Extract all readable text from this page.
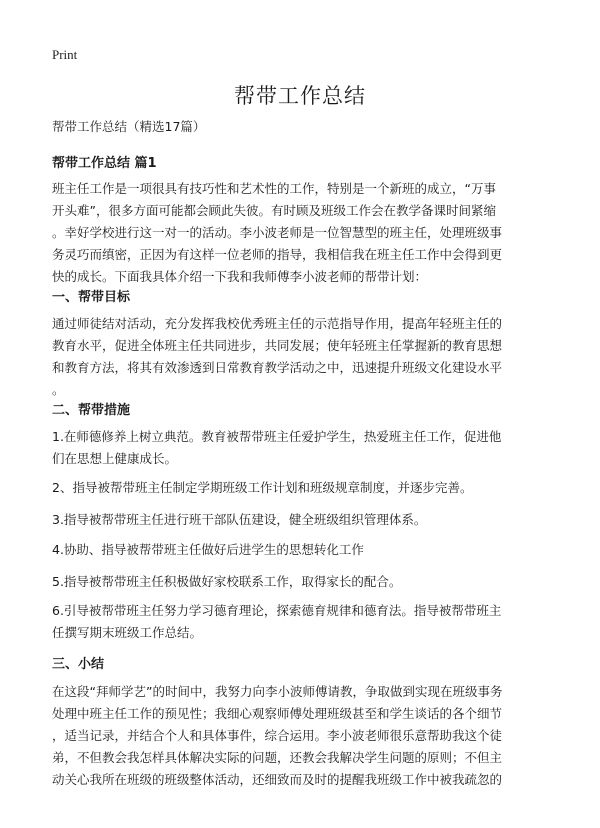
Print
帮带工作总结
帮带工作总结（精选17篇）
帮带工作总结 篇1
班主任工作是一项很具有技巧性和艺术性的工作，特别是一个新班的成立，“万事
开头难”，很多方面可能都会顾此失彼。有时顾及班级工作会在教学备课时间紧缩
。幸好学校进行这一对一的活动。李小波老师是一位智慧型的班主任，处理班级事
务灵巧而缜密，正因为有这样一位老师的指导，我相信我在班主任工作中会得到更
快的成长。下面我具体介绍一下我和我师傅李小波老师的帮带计划：
一、帮带目标
通过师徒结对活动，充分发挥我校优秀班主任的示范指导作用，提高年轻班主任的
教育水平，促进全体班主任共同进步，共同发展；使年轻班主任掌握新的教育思想
和教育方法，将其有效渗透到日常教育教学活动之中，迅速提升班级文化建设水平
。
二、帮带措施
1.在师德修养上树立典范。教育被帮带班主任爱护学生，热爱班主任工作，促进他
们在思想上健康成长。
2、指导被帮带班主任制定学期班级工作计划和班级规章制度，并逐步完善。
3.指导被帮带班主任进行班干部队伍建设，健全班级组织管理体系。
4.协助、指导被帮带班主任做好后进学生的思想转化工作
5.指导被帮带班主任积极做好家校联系工作，取得家长的配合。
6.引导被帮带班主任努力学习德育理论，探索德育规律和德育法。指导被帮带班主
任撰写期末班级工作总结。
三、小结
在这段“拜师学艺”的时间中，我努力向李小波师傅请教，争取做到实现在班级事务
处理中班主任工作的预见性；我细心观察师傅处理班级甚至和学生谈话的各个细节
，适当记录，并结合个人和具体事件，综合运用。李小波老师很乐意帮助我这个徒
弟，不但教会我怎样具体解决实际的问题，还教会我解决学生问题的原则；不但主
动关心我所在班级的班级整体活动，还细致而及时的提醒我班级工作中被我疏忽的
